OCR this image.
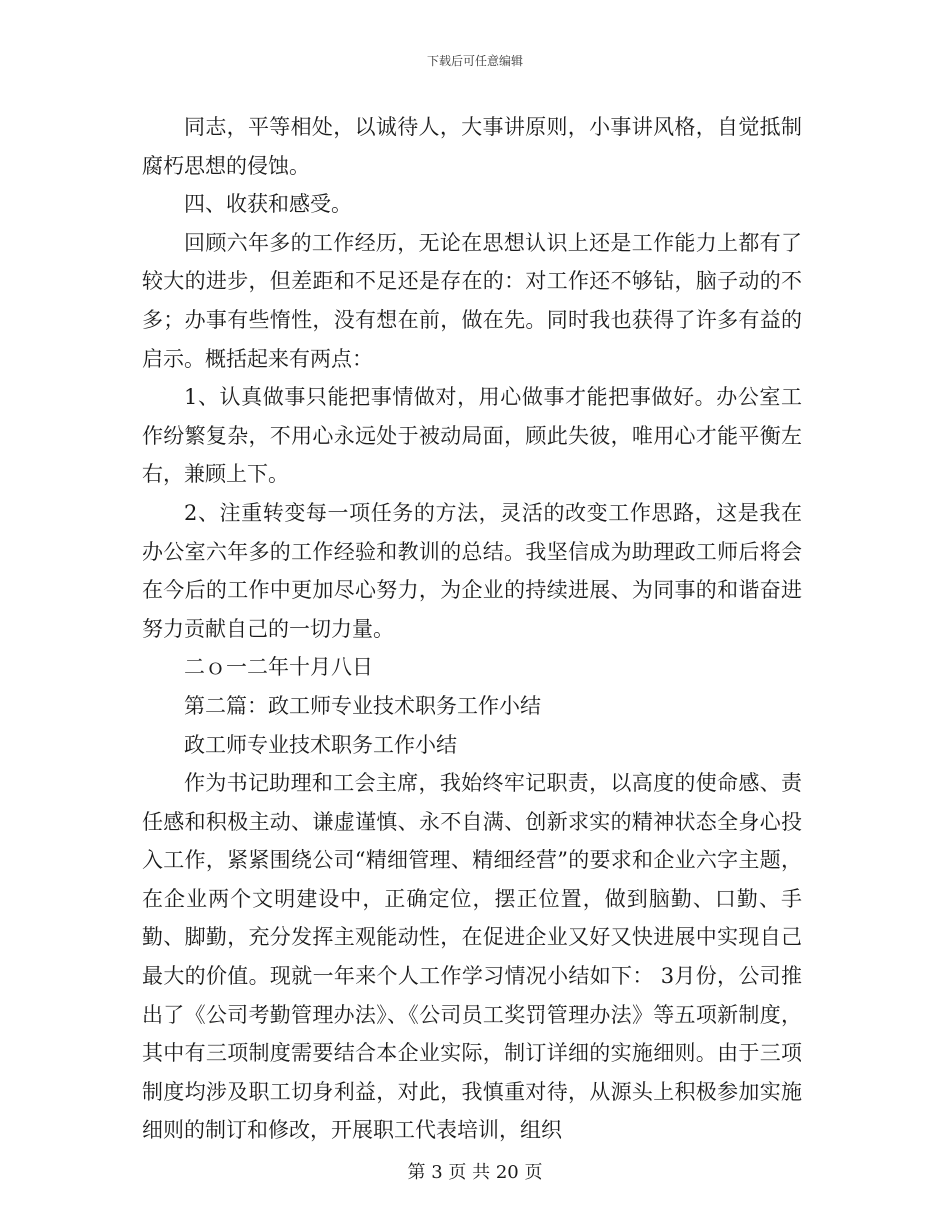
下载后可任意编辑

同志，平等相处，以诚待人，大事讲原则，小事讲风格，自觉抵制腐朽思想的侵蚀。

四、收获和感受。

回顾六年多的工作经历，无论在思想认识上还是工作能力上都有了较大的进步，但差距和不足还是存在的：对工作还不够钻，脑子动的不多；办事有些惰性，没有想在前，做在先。同时我也获得了许多有益的启示。概括起来有两点：

1、认真做事只能把事情做对，用心做事才能把事做好。办公室工作纷繁复杂，不用心永远处于被动局面，顾此失彼，唯用心才能平衡左右，兼顾上下。

2、注重转变每一项任务的方法，灵活的改变工作思路，这是我在办公室六年多的工作经验和教训的总结。我坚信成为助理政工师后将会在今后的工作中更加尽心努力，为企业的持续进展、为同事的和谐奋进努力贡献自己的一切力量。

二ｏ一二年十月八日

第二篇：政工师专业技术职务工作小结

政工师专业技术职务工作小结

作为书记助理和工会主席，我始终牢记职责，以高度的使命感、责任感和积极主动、谦虚谨慎、永不自满、创新求实的精神状态全身心投入工作，紧紧围绕公司“精细管理、精细经营”的要求和企业六字主题，在企业两个文明建设中，正确定位，摆正位置，做到脑勤、口勤、手勤、脚勤，充分发挥主观能动性，在促进企业又好又快进展中实现自己最大的价值。现就一年来个人工作学习情况小结如下： 3月份，公司推出了《公司考勤管理办法》、《公司员工奖罚管理办法》等五项新制度，其中有三项制度需要结合本企业实际，制订详细的实施细则。由于三项制度均涉及职工切身利益，对此，我慎重对待，从源头上积极参加实施细则的制订和修改，开展职工代表培训，组织

第 3 页 共 20 页
